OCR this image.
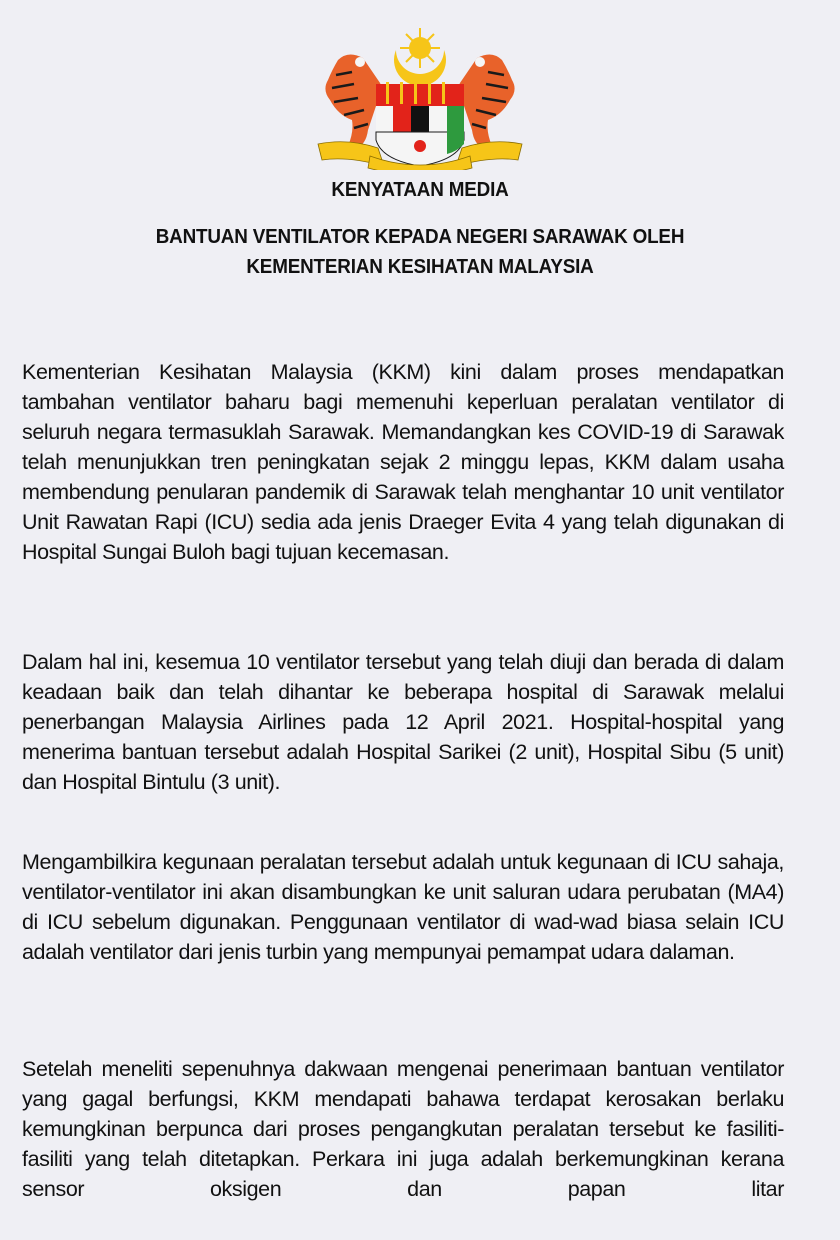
KENYATAAN MEDIA
BANTUAN VENTILATOR KEPADA NEGERI SARAWAK OLEH
KEMENTERIAN KESIHATAN MALAYSIA

Kementerian Kesihatan Malaysia (KKM) kini dalam proses mendapatkan tambahan ventilator baharu bagi memenuhi keperluan peralatan ventilator di seluruh negara termasuklah Sarawak. Memandangkan kes COVID-19 di Sarawak telah menunjukkan tren peningkatan sejak 2 minggu lepas, KKM dalam usaha membendung penularan pandemik di Sarawak telah menghantar 10 unit ventilator Unit Rawatan Rapi (ICU) sedia ada jenis Draeger Evita 4 yang telah digunakan di Hospital Sungai Buloh bagi tujuan kecemasan.

Dalam hal ini, kesemua 10 ventilator tersebut yang telah diuji dan berada di dalam keadaan baik dan telah dihantar ke beberapa hospital di Sarawak melalui penerbangan Malaysia Airlines pada 12 April 2021. Hospital-hospital yang menerima bantuan tersebut adalah Hospital Sarikei (2 unit), Hospital Sibu (5 unit) dan Hospital Bintulu (3 unit).

Mengambilkira kegunaan peralatan tersebut adalah untuk kegunaan di ICU sahaja, ventilator-ventilator ini akan disambungkan ke unit saluran udara perubatan (MA4) di ICU sebelum digunakan. Penggunaan ventilator di wad-wad biasa selain ICU adalah ventilator dari jenis turbin yang mempunyai pemampat udara dalaman.

Setelah meneliti sepenuhnya dakwaan mengenai penerimaan bantuan ventilator yang gagal berfungsi, KKM mendapati bahawa terdapat kerosakan berlaku kemungkinan berpunca dari proses pengangkutan peralatan tersebut ke fasiliti-fasiliti yang telah ditetapkan. Perkara ini juga adalah berkemungkinan kerana sensor oksigen dan papan litar
